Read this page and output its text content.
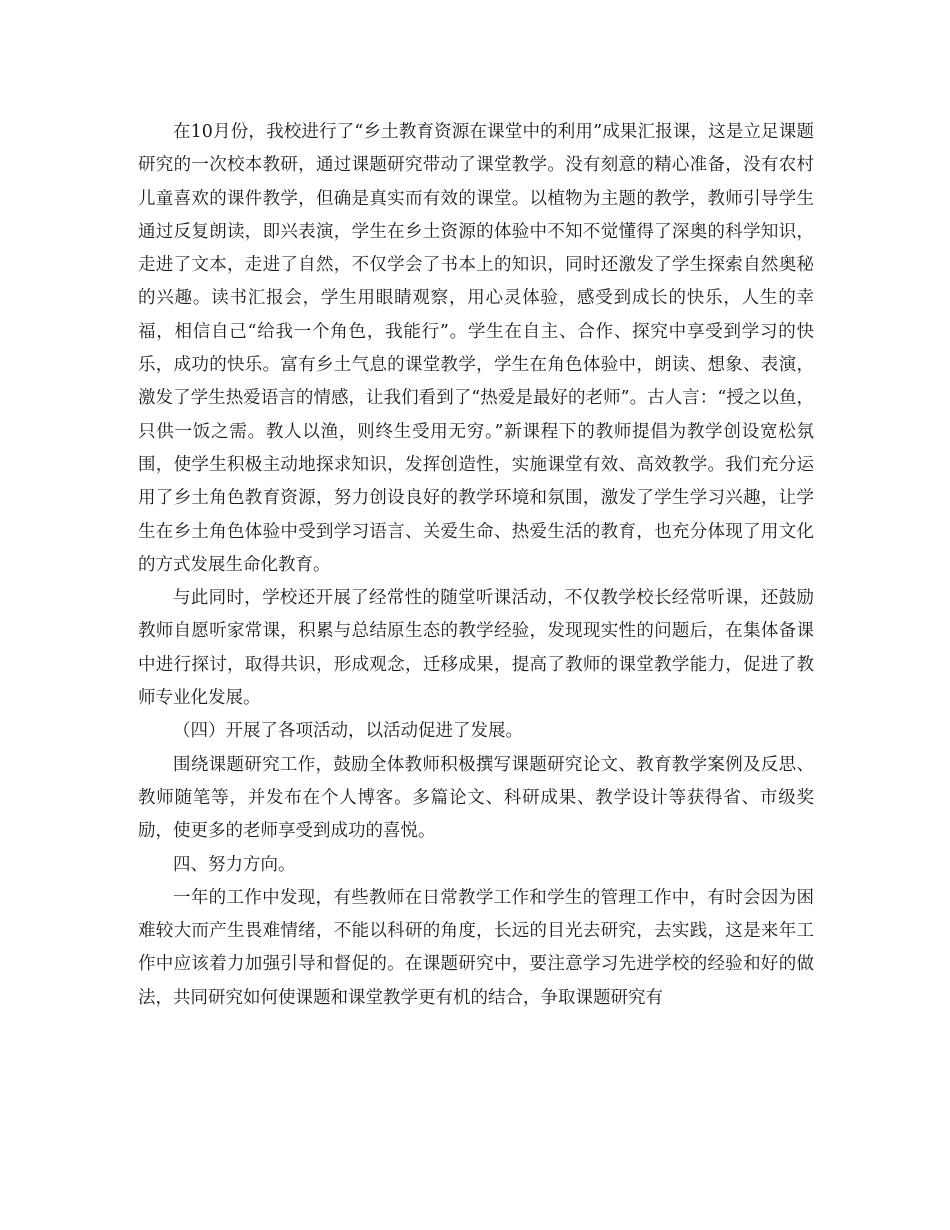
在10月份，我校进行了“乡土教育资源在课堂中的利用”成果汇报课，这是立足课题研究的一次校本教研，通过课题研究带动了课堂教学。没有刻意的精心准备，没有农村儿童喜欢的课件教学，但确是真实而有效的课堂。以植物为主题的教学，教师引导学生通过反复朗读，即兴表演，学生在乡土资源的体验中不知不觉懂得了深奥的科学知识，走进了文本，走进了自然，不仅学会了书本上的知识，同时还激发了学生探索自然奥秘的兴趣。读书汇报会，学生用眼睛观察，用心灵体验，感受到成长的快乐，人生的幸福，相信自己“给我一个角色，我能行”。学生在自主、合作、探究中享受到学习的快乐，成功的快乐。富有乡土气息的课堂教学，学生在角色体验中，朗读、想象、表演，激发了学生热爱语言的情感，让我们看到了“热爱是最好的老师”。古人言：“授之以鱼，只供一饭之需。教人以渔，则终生受用无穷。”新课程下的教师提倡为教学创设宽松氛围，使学生积极主动地探求知识，发挥创造性，实施课堂有效、高效教学。我们充分运用了乡土角色教育资源，努力创设良好的教学环境和氛围，激发了学生学习兴趣，让学生在乡土角色体验中受到学习语言、关爱生命、热爱生活的教育，也充分体现了用文化的方式发展生命化教育。

与此同时，学校还开展了经常性的随堂听课活动，不仅教学校长经常听课，还鼓励教师自愿听家常课，积累与总结原生态的教学经验，发现现实性的问题后，在集体备课中进行探讨，取得共识，形成观念，迁移成果，提高了教师的课堂教学能力，促进了教师专业化发展。

（四）开展了各项活动，以活动促进了发展。

围绕课题研究工作，鼓励全体教师积极撰写课题研究论文、教育教学案例及反思、教师随笔等，并发布在个人博客。多篇论文、科研成果、教学设计等获得省、市级奖励，使更多的老师享受到成功的喜悦。

四、努力方向。

一年的工作中发现，有些教师在日常教学工作和学生的管理工作中，有时会因为困难较大而产生畏难情绪，不能以科研的角度，长远的目光去研究，去实践，这是来年工作中应该着力加强引导和督促的。在课题研究中，要注意学习先进学校的经验和好的做法，共同研究如何使课题和课堂教学更有机的结合，争取课题研究有
